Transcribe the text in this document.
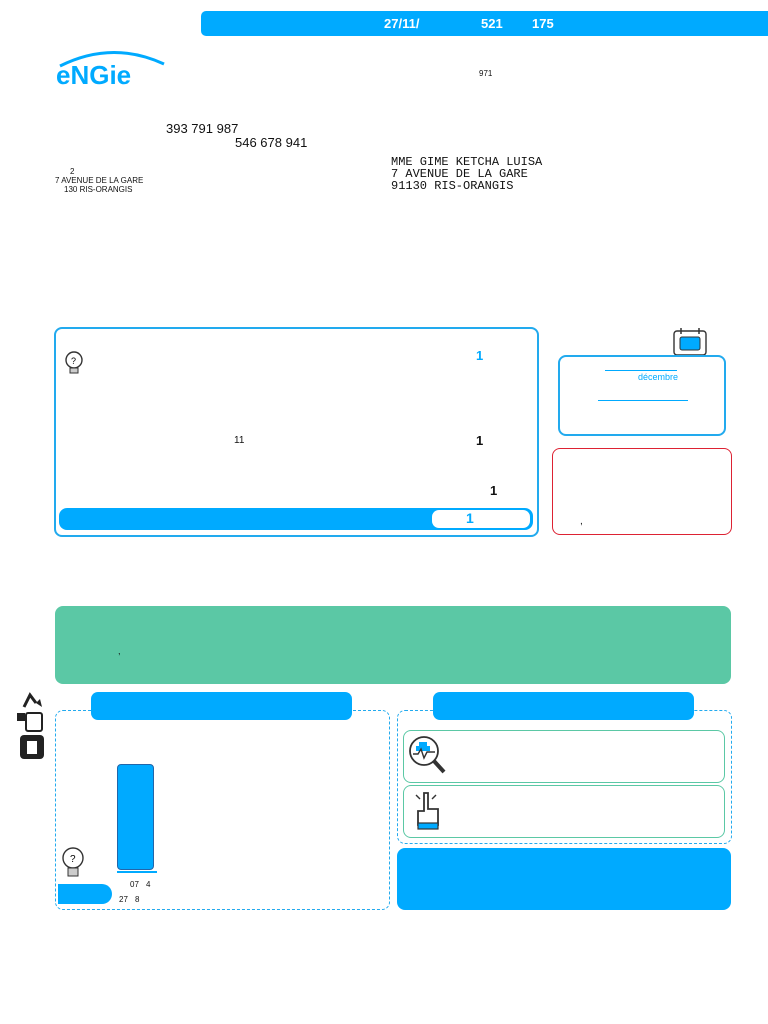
27/11/	521 175
eNGie	971
393 791 987
546 678 941
2
7 AVENUE DE LA GARE
130 RIS-ORANGIS
MME GIME KETCHA LUISA
7 AVENUE DE LA GARE
91130 RIS-ORANGIS
?	1
11	1
1
1
décembre
,
,
07 4
27 8
?
